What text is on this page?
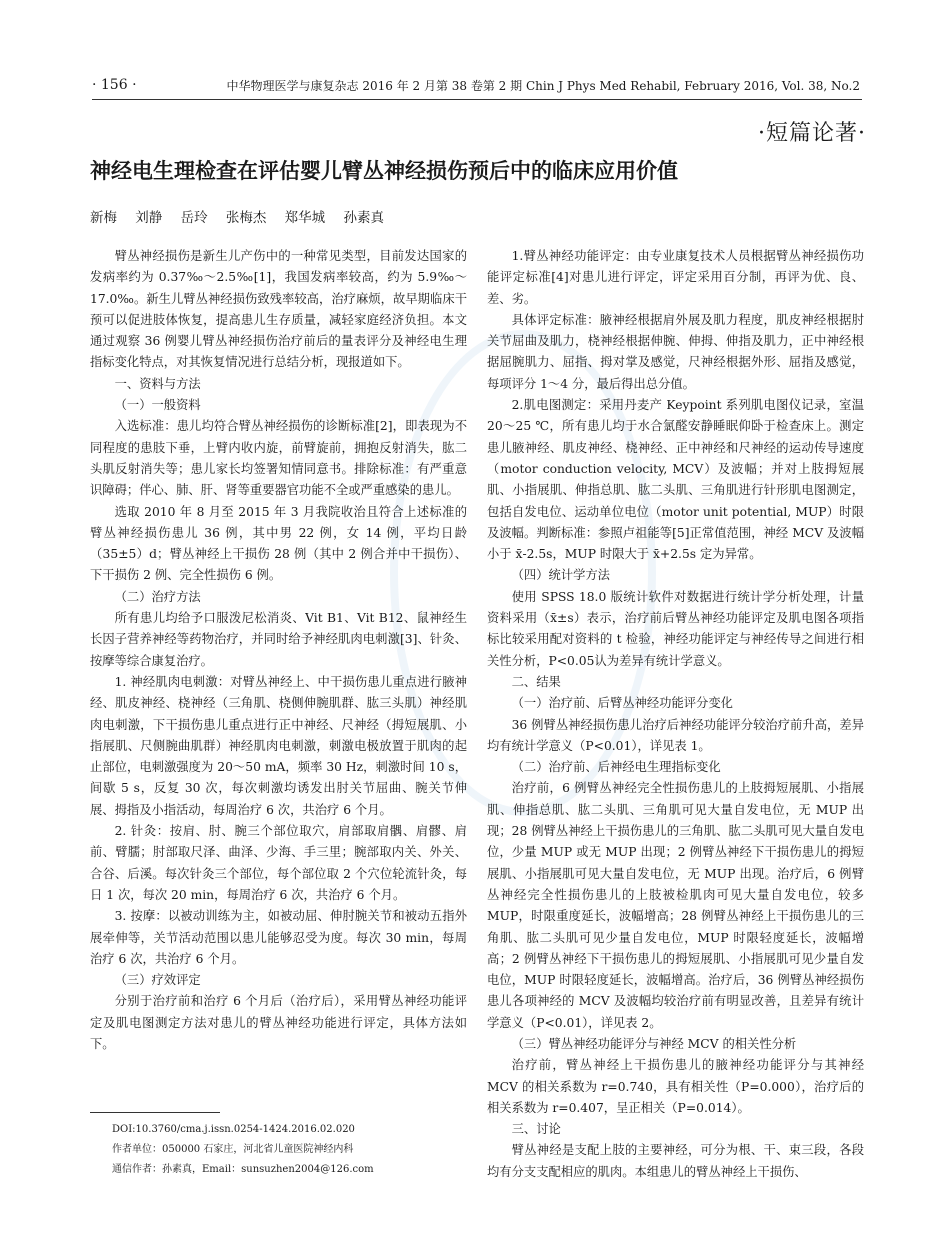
· 156 ·	中华物理医学与康复杂志 2016 年 2 月第 38 卷第 2 期 Chin J Phys Med Rehabil, February 2016, Vol. 38, No.2
·短篇论著·
神经电生理检查在评估婴儿臂丛神经损伤预后中的临床应用价值
新梅 刘静 岳玲 张梅杰 郑华城 孙素真

臂丛神经损伤是新生儿产伤中的一种常见类型，目前发达国家的发病率约为 0.37‰～2.5‰[1]，我国发病率较高，约为 5.9‰～17.0‰。新生儿臂丛神经损伤致残率较高，治疗麻烦，故早期临床干预可以促进肢体恢复，提高患儿生存质量，减轻家庭经济负担。本文通过观察 36 例婴儿臂丛神经损伤治疗前后的量表评分及神经电生理指标变化特点，对其恢复情况进行总结分析，现报道如下。

一、资料与方法

（一）一般资料

入选标准：患儿均符合臂丛神经损伤的诊断标准[2]，即表现为不同程度的患肢下垂，上臂内收内旋，前臂旋前，拥抱反射消失，肱二头肌反射消失等；患儿家长均签署知情同意书。排除标准：有严重意识障碍；伴心、肺、肝、肾等重要器官功能不全或严重感染的患儿。

选取 2010 年 8 月至 2015 年 3 月我院收治且符合上述标准的臂丛神经损伤患儿 36 例，其中男 22 例，女 14 例，平均日龄（35±5）d；臂丛神经上干损伤 28 例（其中 2 例合并中干损伤）、下干损伤 2 例、完全性损伤 6 例。

（二）治疗方法

所有患儿均给予口服泼尼松消炎、Vit B1、Vit B12、鼠神经生长因子营养神经等药物治疗，并同时给予神经肌肉电刺激[3]、针灸、按摩等综合康复治疗。

1. 神经肌肉电刺激：对臂丛神经上、中干损伤患儿重点进行腋神经、肌皮神经、桡神经（三角肌、桡侧伸腕肌群、肱三头肌）神经肌肉电刺激，下干损伤患儿重点进行正中神经、尺神经（拇短展肌、小指展肌、尺侧腕曲肌群）神经肌肉电刺激，刺激电极放置于肌肉的起止部位，电刺激强度为 20～50 mA，频率 30 Hz，刺激时间 10 s，间歇 5 s，反复 30 次，每次刺激均诱发出肘关节屈曲、腕关节伸展、拇指及小指活动，每周治疗 6 次，共治疗 6 个月。

2. 针灸：按肩、肘、腕三个部位取穴，肩部取肩髃、肩髎、肩前、臂臑；肘部取尺泽、曲泽、少海、手三里；腕部取内关、外关、合谷、后溪。每次针灸三个部位，每个部位取 2 个穴位轮流针灸，每日 1 次，每次 20 min，每周治疗 6 次，共治疗 6 个月。

3. 按摩：以被动训练为主，如被动屈、伸肘腕关节和被动五指外展牵伸等，关节活动范围以患儿能够忍受为度。每次 30 min，每周治疗 6 次，共治疗 6 个月。

（三）疗效评定

分别于治疗前和治疗 6 个月后（治疗后），采用臂丛神经功能评定及肌电图测定方法对患儿的臂丛神经功能进行评定，具体方法如下。

1.臂丛神经功能评定：由专业康复技术人员根据臂丛神经损伤功能评定标准[4]对患儿进行评定，评定采用百分制，再评为优、良、差、劣。

具体评定标准：腋神经根据肩外展及肌力程度，肌皮神经根据肘关节屈曲及肌力，桡神经根据伸腕、伸拇、伸指及肌力，正中神经根据屈腕肌力、屈指、拇对掌及感觉，尺神经根据外形、屈指及感觉，每项评分 1～4 分，最后得出总分值。

2.肌电图测定：采用丹麦产 Keypoint 系列肌电图仪记录，室温 20～25 ℃，所有患儿均于水合氯醛安静睡眠仰卧于检查床上。测定患儿腋神经、肌皮神经、桡神经、正中神经和尺神经的运动传导速度（motor conduction velocity, MCV）及波幅；并对上肢拇短展肌、小指展肌、伸指总肌、肱二头肌、三角肌进行针形肌电图测定，包括自发电位、运动单位电位（motor unit potential, MUP）时限及波幅。判断标准：参照卢祖能等[5]正常值范围，神经 MCV 及波幅小于 x̄-2.5s，MUP 时限大于 x̄+2.5s 定为异常。

（四）统计学方法

使用 SPSS 18.0 版统计软件对数据进行统计学分析处理，计量资料采用（x̄±s）表示，治疗前后臂丛神经功能评定及肌电图各项指标比较采用配对资料的 t 检验，神经功能评定与神经传导之间进行相关性分析，P<0.05认为差异有统计学意义。

二、结果

（一）治疗前、后臂丛神经功能评分变化

36 例臂丛神经损伤患儿治疗后神经功能评分较治疗前升高，差异均有统计学意义（P<0.01），详见表 1。

（二）治疗前、后神经电生理指标变化

治疗前，6 例臂丛神经完全性损伤患儿的上肢拇短展肌、小指展肌、伸指总肌、肱二头肌、三角肌可见大量自发电位，无 MUP 出现；28 例臂丛神经上干损伤患儿的三角肌、肱二头肌可见大量自发电位，少量 MUP 或无 MUP 出现；2 例臂丛神经下干损伤患儿的拇短展肌、小指展肌可见大量自发电位，无 MUP 出现。治疗后，6 例臂丛神经完全性损伤患儿的上肢被检肌肉可见大量自发电位，较多 MUP，时限重度延长，波幅增高；28 例臂丛神经上干损伤患儿的三角肌、肱二头肌可见少量自发电位，MUP 时限轻度延长，波幅增高；2 例臂丛神经下干损伤患儿的拇短展肌、小指展肌可见少量自发电位，MUP 时限轻度延长，波幅增高。治疗后，36 例臂丛神经损伤患儿各项神经的 MCV 及波幅均较治疗前有明显改善，且差异有统计学意义（P<0.01），详见表 2。

（三）臂丛神经功能评分与神经 MCV 的相关性分析

治疗前，臂丛神经上干损伤患儿的腋神经功能评分与其神经 MCV 的相关系数为 r=0.740，具有相关性（P=0.000），治疗后的相关系数为 r=0.407，呈正相关（P=0.014）。

三、讨论

臂丛神经是支配上肢的主要神经，可分为根、干、束三段，各段均有分支支配相应的肌肉。本组患儿的臂丛神经上干损伤、

DOI:10.3760/cma.j.issn.0254-1424.2016.02.020
作者单位：050000 石家庄，河北省儿童医院神经内科
通信作者：孙素真，Email：sunsuzhen2004@126.com
